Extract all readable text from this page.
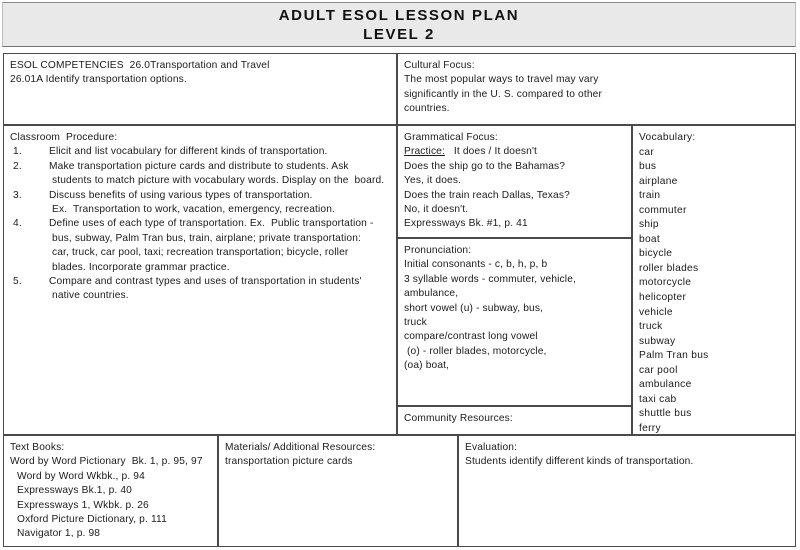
ADULT ESOL LESSON PLAN
LEVEL 2
ESOL COMPETENCIES  26.0Transportation and Travel
26.01A Identify transportation options.
Cultural Focus:
The most popular ways to travel may vary
significantly in the U. S. compared to other
countries.
Classroom  Procedure:
1.	Elicit and list vocabulary for different kinds of transportation.
2.	Make transportation picture cards and distribute to students. Ask
students to match picture with vocabulary words. Display on the  board.
3.	Discuss benefits of using various types of transportation.
Ex.  Transportation to work, vacation, emergency, recreation.
4.	Define uses of each type of transportation. Ex.  Public transportation -
bus, subway, Palm Tran bus, train, airplane; private transportation:
car, truck, car pool, taxi; recreation transportation; bicycle, roller
blades. Incorporate grammar practice.
5.	Compare and contrast types and uses of transportation in students'
native countries.
Grammatical Focus:
Practice:   It does / It doesn't
Does the ship go to the Bahamas?
Yes, it does.
Does the train reach Dallas, Texas?
No, it doesn't.
Expressways Bk. #1, p. 41
Pronunciation:
Initial consonants - c, b, h, p, b
3 syllable words - commuter, vehicle,
ambulance,
short vowel (u) - subway, bus,
truck
compare/contrast long vowel
(o) - roller blades, motorcycle,
(oa) boat,
Community Resources:
Vocabulary:
car
bus
airplane
train
commuter
ship
boat
bicycle
roller blades
motorcycle
helicopter
vehicle
truck
subway
Palm Tran bus
car pool
ambulance
taxi cab
shuttle bus
ferry
Text Books:
Word by Word Pictionary  Bk. 1, p. 95, 97
Word by Word Wkbk., p. 94
Expressways Bk.1, p. 40
Expressways 1, Wkbk. p. 26
Oxford Picture Dictionary, p. 111
Navigator 1, p. 98
Materials/ Additional Resources:
transportation picture cards
Evaluation:
Students identify different kinds of transportation.
